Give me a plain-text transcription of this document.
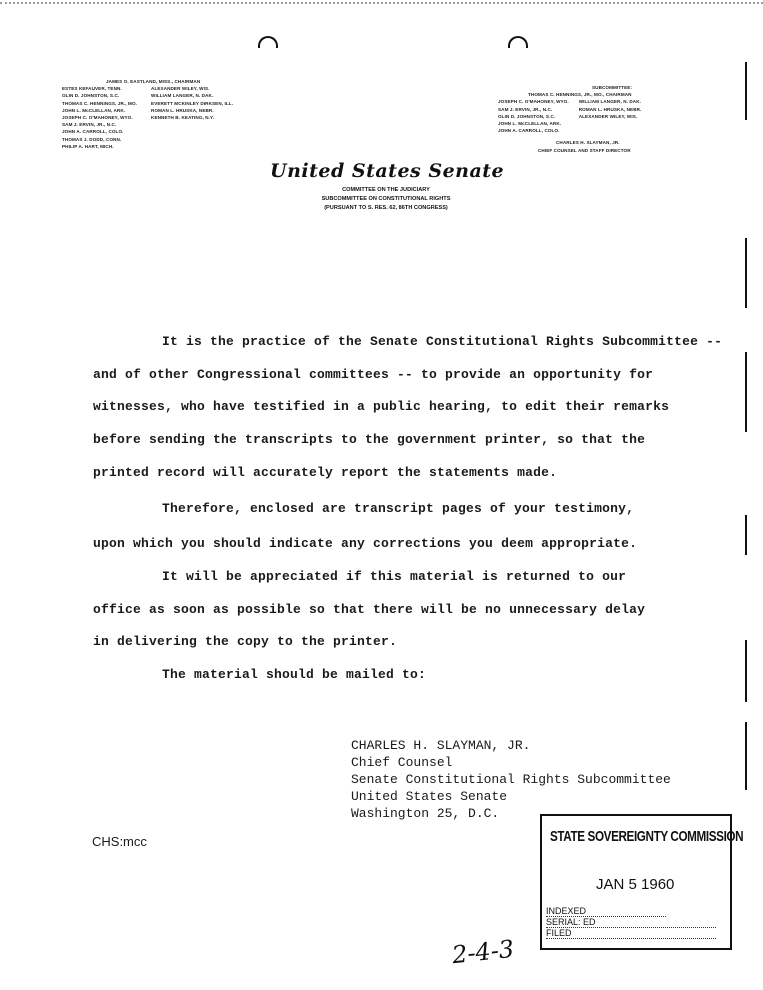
JAMES O. EASTLAND, MISS., CHAIRMAN
ESTES KEFAUVER, TENN.
OLIN D. JOHNSTON, S.C.
THOMAS C. HENNINGS, JR., MO.
JOHN L. McCLELLAN, ARK.
JOSEPH C. O'MAHONEY, WYO.
SAM J. ERVIN, JR., N.C.
JOHN A. CARROLL, COLO.
THOMAS J. DODD, CONN.
PHILIP A. HART, MICH.
ALEXANDER WILEY, WIS.
WILLIAM LANGER, N. DAK.
EVERETT MCKINLEY DIRKSEN, ILL.
ROMAN L. HRUSKA, NEBR.
KENNETH B. KEATING, N.Y.
SUBCOMMITTEE:
THOMAS C. HENNINGS, JR., MO., CHAIRMAN
JOSEPH C. O'MAHONEY, WYO.
SAM J. ERVIN, JR., N.C.
OLIN D. JOHNSTON, S.C.
JOHN L. McCLELLAN, ARK.
JOHN A. CARROLL, COLO.
WILLIAM LANGER, N. DAK.
ROMAN L. HRUSKA, NEBR.
ALEXANDER WILEY, WIS.
CHARLES H. SLAYMAN, JR.
CHIEF COUNSEL AND STAFF DIRECTOR
United States Senate
COMMITTEE ON THE JUDICIARY
SUBCOMMITTEE ON CONSTITUTIONAL RIGHTS
(PURSUANT TO S. RES. 62, 86TH CONGRESS)
It is the practice of the Senate Constitutional Rights Subcommittee --
and of other Congressional committees -- to provide an opportunity for
witnesses, who have testified in a public hearing, to edit their remarks
before sending the transcripts to the government printer, so that the
printed record will accurately report the statements made.
Therefore, enclosed are transcript pages of your testimony,
upon which you should indicate any corrections you deem appropriate.
It will be appreciated if this material is returned to our
office as soon as possible so that there will be no unnecessary delay
in delivering the copy to the printer.
The material should be mailed to:
CHARLES H. SLAYMAN, JR.
Chief Counsel
Senate Constitutional Rights Subcommittee
United States Senate
Washington 25, D.C.
CHS:mcc	STATE SOVEREIGNTY COMMISSION
JAN 5 1960
INDEXED
SERIAL: ED
FILED
2-4-3
